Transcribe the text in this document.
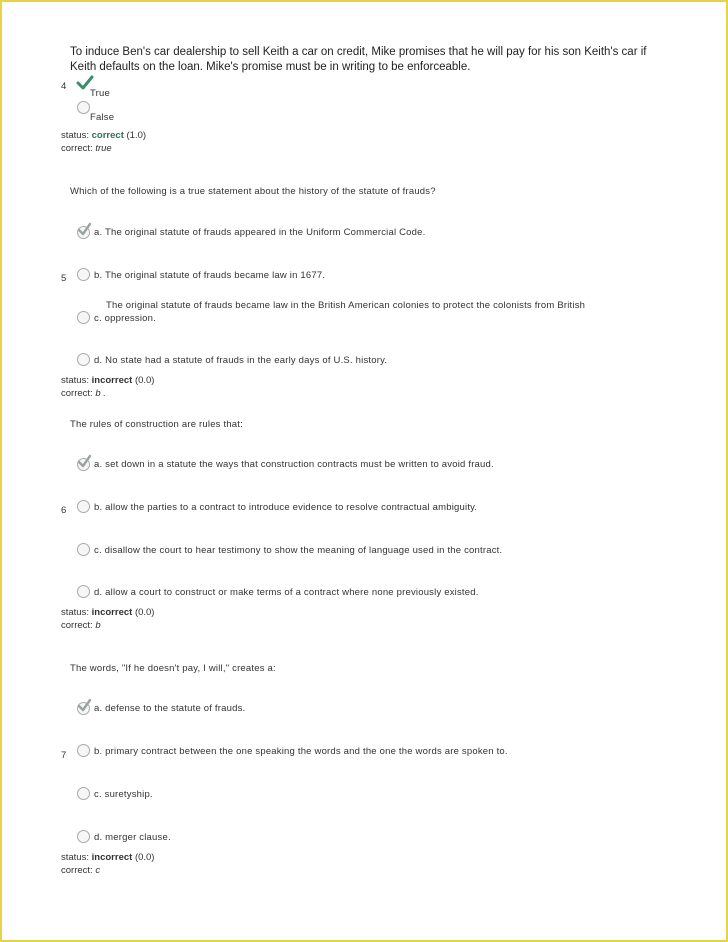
To induce Ben's car dealership to sell Keith a car on credit, Mike promises that he will pay for his son Keith's car if Keith defaults on the loan. Mike's promise must be in writing to be enforceable.
4
True
False
status: correct (1.0)
correct: true
Which of the following is a true statement about the history of the statute of frauds?
a. The original statute of frauds appeared in the Uniform Commercial Code.
5	b. The original statute of frauds became law in 1677.
The original statute of frauds became law in the British American colonies to protect the colonists from British
c. oppression.
d. No state had a statute of frauds in the early days of U.S. history.
status: incorrect (0.0)
correct: b .
The rules of construction are rules that:
a. set down in a statute the ways that construction contracts must be written to avoid fraud.
6	b. allow the parties to a contract to introduce evidence to resolve contractual ambiguity.
c. disallow the court to hear testimony to show the meaning of language used in the contract.
d. allow a court to construct or make terms of a contract where none previously existed.
status: incorrect (0.0)
correct: b
The words, "If he doesn't pay, I will," creates a:
a. defense to the statute of frauds.
7	b. primary contract between the one speaking the words and the one the words are spoken to.
c. suretyship.
d. merger clause.
status: incorrect (0.0)
correct: c
